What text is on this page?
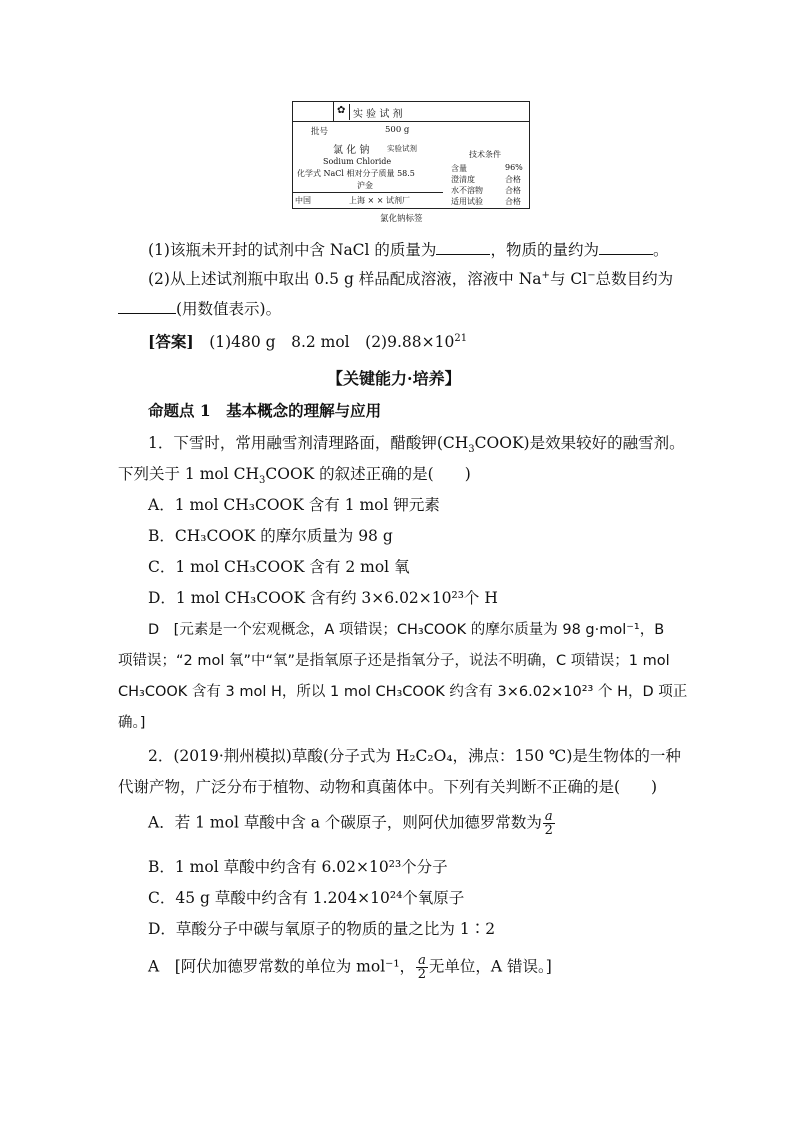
✿ 实 验 试 剂
批号	500 g
氯 化 钠 实验试剂
Sodium Chloride
化学式 NaCl 相对分子质量 58.5
沪金
技术条件
含量	96%
澄清度	合格
水不溶物	合格
适用试验	合格
中国	上海 × × 试剂厂
氯化钠标签
(1)该瓶未开封的试剂中含 NaCl 的质量为	，物质的量约为	。
(2)从上述试剂瓶中取出 0.5 g 样品配成溶液，溶液中 Na+与 Cl−总数目约为
(用数值表示)。
[答案]　 (1)480 g　8.2 mol　$(2)9.88\times 10^{21}$
【关键能力·培养】
命题点 1　基本概念的理解与应用
1．下雪时，常用融雪剂清理路面，醋酸钾$(CH_3COOK)$是效果较好的融雪剂。
下列关于 1 mol $CH_3COOK$ 的叙述正确的是(　　)
A．1 mol CH₃COOK 含有 1 mol 钾元素
B．CH₃COOK 的摩尔质量为 98 g
C．1 mol CH₃COOK 含有 2 mol 氧
D．1 mol CH₃COOK 含有约 3×6.02×10²³个 H
D　[元素是一个宏观概念，A 项错误；CH₃COOK 的摩尔质量为 98 g·mol⁻¹，B
项错误；“2 mol 氧”中“氧”是指氧原子还是指氧分子，说法不明确，C 项错误；1 mol
CH₃COOK 含有 3 mol H，所以 1 mol CH₃COOK 约含有 3×6.02×10²³ 个 H，D 项正
确。]
2．(2019·荆州模拟)草酸(分子式为 H₂C₂O₄，沸点：150 ℃)是生物体的一种
代谢产物，广泛分布于植物、动物和真菌体中。下列有关判断不正确的是(　　)
A．若 1 mol 草酸中含 a 个碳原子，则阿伏加德罗常数为 $\frac{a}{2}$
B．1 mol 草酸中约含有 6.02×10²³个分子
C．45 g 草酸中约含有 1.204×10²⁴个氧原子
D．草酸分子中碳与氧原子的物质的量之比为 1∶2
A　[阿伏加德罗常数的单位为 mol⁻¹， $\frac{a}{2}$ 无单位，A 错误。]
